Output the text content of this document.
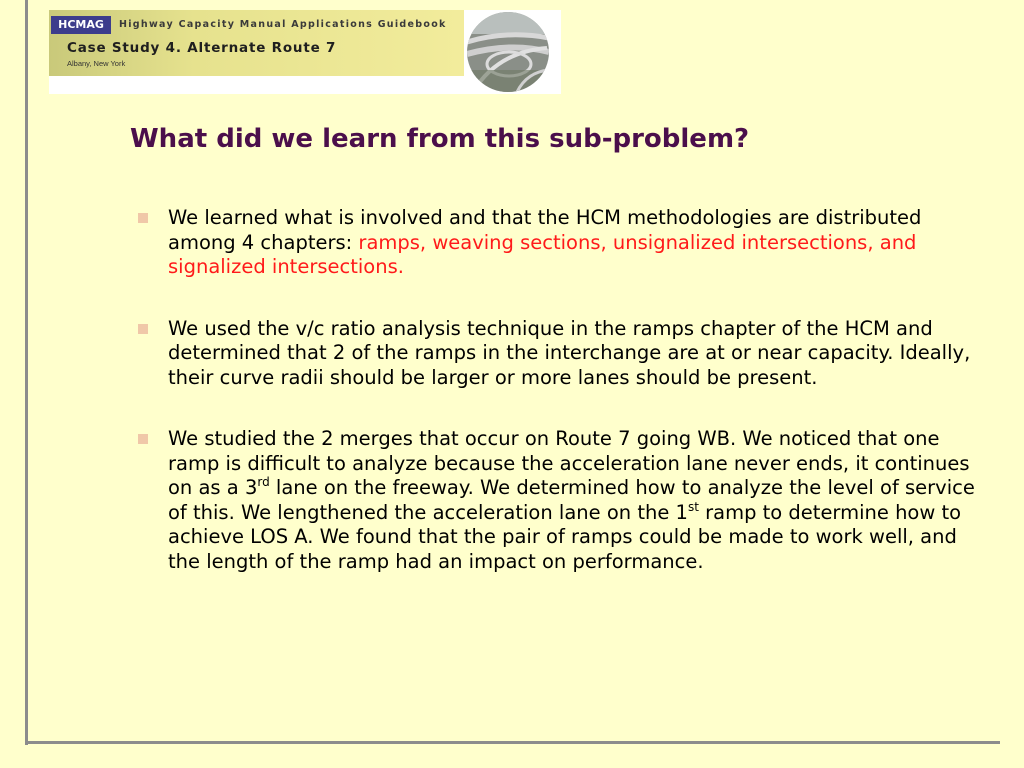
HCMAG	Highway Capacity Manual Applications Guidebook
Case Study 4. Alternate Route 7
Albany, New York
What did we learn from this sub-problem?
We learned what is involved and that the HCM methodologies are distributed among 4 chapters: ramps, weaving sections, unsignalized intersections, and signalized intersections.
We used the v/c ratio analysis technique in the ramps chapter of the HCM and determined that 2 of the ramps in the interchange are at or near capacity. Ideally, their curve radii should be larger or more lanes should be present.
We studied the 2 merges that occur on Route 7 going WB. We noticed that one ramp is difficult to analyze because the acceleration lane never ends, it continues on as a 3rd lane on the freeway. We determined how to analyze the level of service of this. We lengthened the acceleration lane on the 1st ramp to determine how to achieve LOS A. We found that the pair of ramps could be made to work well, and the length of the ramp had an impact on performance.
